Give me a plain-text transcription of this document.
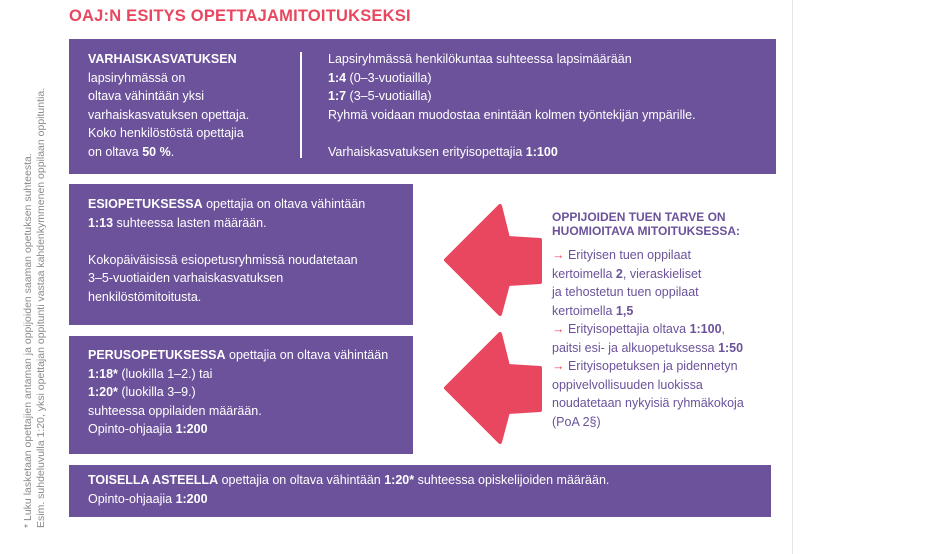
* Luku lasketaan opettajien antaman ja oppijoiden saaman opetuksen suhteesta. Esim. suhdeluvulla 1:20, yksi opettajan oppitunti vastaa kahdenkymmenen oppilaan oppituntia.
OAJ:N ESITYS OPETTAJAMITOITUKSEKSI
VARHAISKASVATUKSEN
lapsiryhmässä on
oltava vähintään yksi
varhaiskasvatuksen opettaja.
Koko henkilöstöstä opettajia
on oltava 50 %.
Lapsiryhmässä henkilökuntaa suhteessa lapsimäärään
1:4 (0–3-vuotiailla)
1:7 (3–5-vuotiailla)
Ryhmä voidaan muodostaa enintään kolmen työntekijän ympärille.
Varhaiskasvatuksen erityisopettajia 1:100
ESIOPETUKSESSA opettajia on oltava vähintään
1:13 suhteessa lasten määrään.
Kokopäiväisissä esiopetusryhmissä noudatetaan
3–5-vuotiaiden varhaiskasvatuksen
henkilöstömitoitusta.
PERUSOPETUKSESSA opettajia on oltava vähintään
1:18* (luokilla 1–2.) tai
1:20* (luokilla 3–9.)
suhteessa oppilaiden määrään.
Opinto-ohjaajia 1:200
TOISELLA ASTEELLA opettajia on oltava vähintään 1:20* suhteessa opiskelijoiden määrään.
Opinto-ohjaajia 1:200
OPPIJOIDEN TUEN TARVE ON
HUOMIOITAVA MITOITUKSESSA:
→ Erityisen tuen oppilaat
kertoimella 2, vieraskieliset
ja tehostetun tuen oppilaat
kertoimella 1,5
→ Erityisopettajia oltava 1:100,
paitsi esi- ja alkuopetuksessa 1:50
→ Erityisopetuksen ja pidennetyn
oppivelvollisuuden luokissa
noudatetaan nykyisiä ryhmäkokoja
(PoA 2§)
